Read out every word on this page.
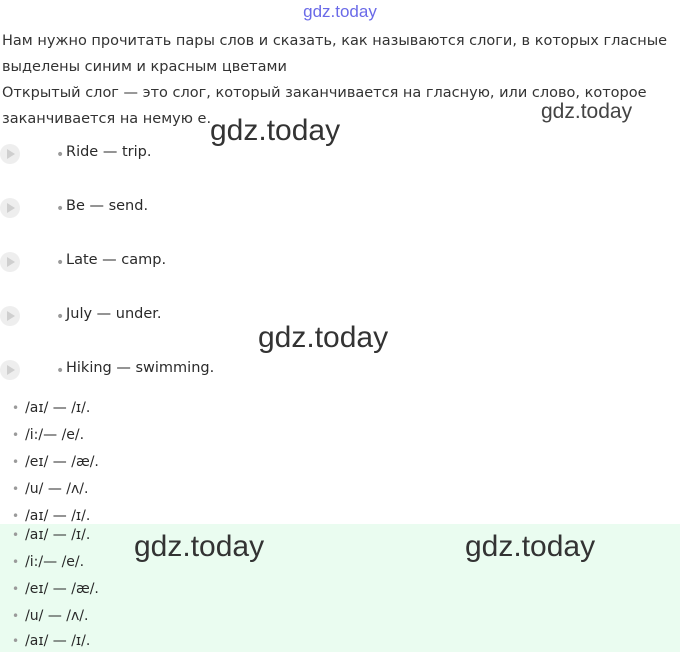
gdz.today
Нам нужно прочитать пары слов и сказать, как называются слоги, в которых гласные выделены синим и красным цветами
Открытый слог — это слог, который заканчивается на гласную, или слово, которое заканчивается на немую е.	gdz.today
gdz.today
gdz.today
• Ride — trip.
• Be — send.
• Late — camp.
• July — under.
• Hiking — swimming.
• /aɪ/ — /ɪ/.
• /i:/— /e/.
• /eɪ/ — /æ/.
• /u/ — /ʌ/.
• /aɪ/ — /ɪ/.
gdz.today	gdz.today
• /aɪ/ — /ɪ/.
• /i:/— /e/.
• /eɪ/ — /æ/.
• /u/ — /ʌ/.
• /aɪ/ — /ɪ/.
